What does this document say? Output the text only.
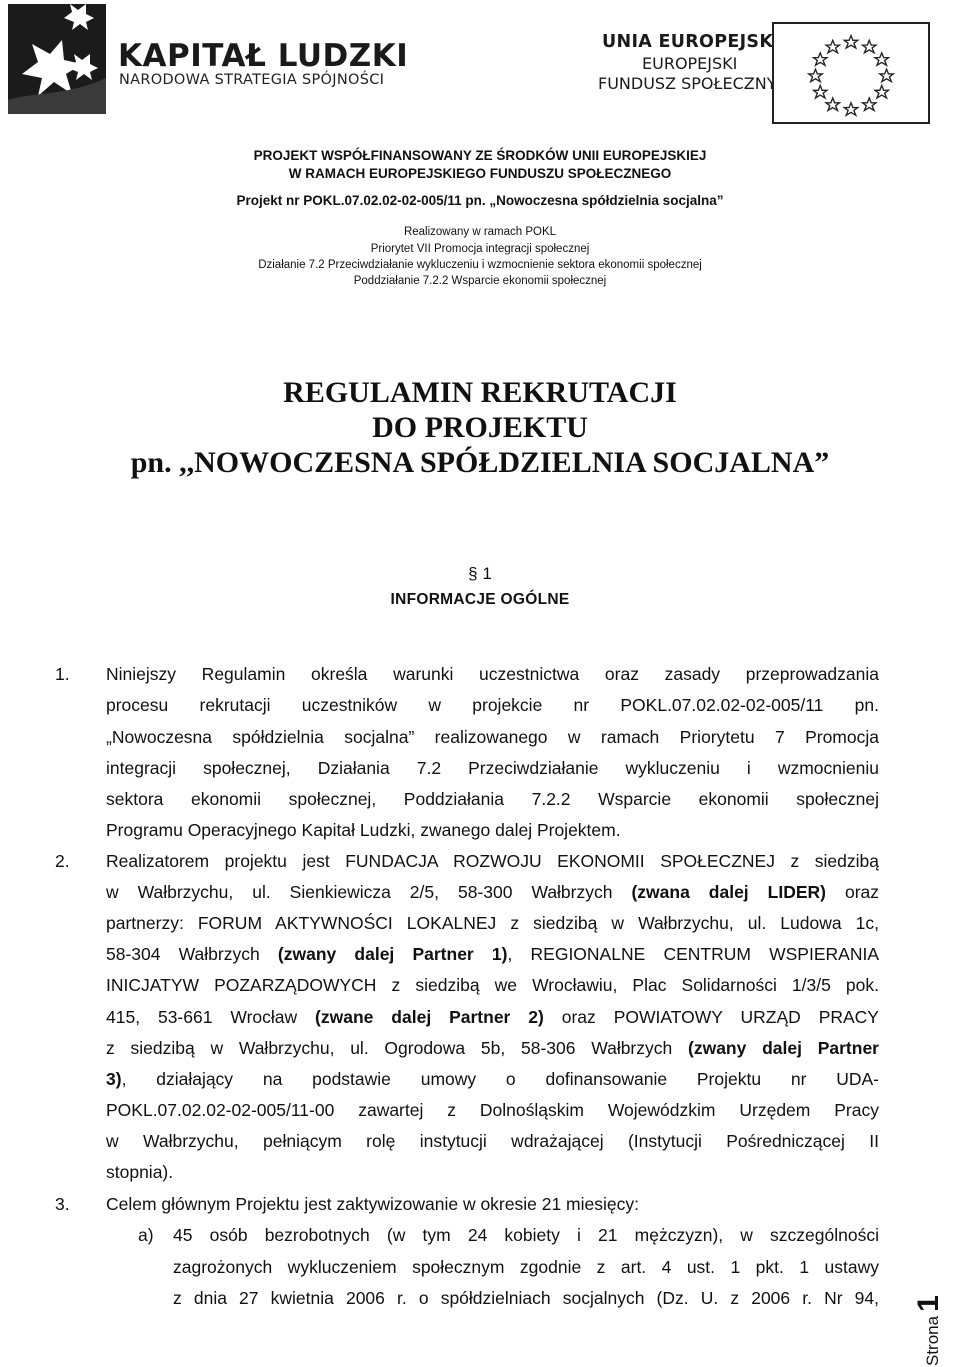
KAPITAŁ LUDZKI
NARODOWA STRATEGIA SPÓJNOŚCI
UNIA EUROPEJSKA
EUROPEJSKI
FUNDUSZ SPOŁECZNY
PROJEKT WSPÓŁFINANSOWANY ZE ŚRODKÓW UNII EUROPEJSKIEJ
W RAMACH EUROPEJSKIEGO FUNDUSZU SPOŁECZNEGO
Projekt nr POKL.07.02.02-02-005/11 pn. „Nowoczesna spółdzielnia socjalna”
Realizowany w ramach POKL
Priorytet VII Promocja integracji społecznej
Działanie 7.2 Przeciwdziałanie wykluczeniu i wzmocnienie sektora ekonomii społecznej
Poddziałanie 7.2.2 Wsparcie ekonomii społecznej
REGULAMIN REKRUTACJI
DO PROJEKTU
pn. ,,NOWOCZESNA SPÓŁDZIELNIA SOCJALNA”
§ 1
INFORMACJE OGÓLNE
1. Niniejszy Regulamin określa warunki uczestnictwa oraz zasady przeprowadzania
procesu rekrutacji uczestników w projekcie nr POKL.07.02.02-02-005/11 pn.
„Nowoczesna spółdzielnia socjalna” realizowanego w ramach Priorytetu 7 Promocja
integracji społecznej, Działania 7.2 Przeciwdziałanie wykluczeniu i wzmocnieniu
sektora ekonomii społecznej, Poddziałania 7.2.2 Wsparcie ekonomii społecznej
Programu Operacyjnego Kapitał Ludzki, zwanego dalej Projektem.
2. Realizatorem projektu jest FUNDACJA ROZWOJU EKONOMII SPOŁECZNEJ z siedzibą
w Wałbrzychu, ul. Sienkiewicza 2/5, 58-300 Wałbrzych (zwana dalej LIDER) oraz
partnerzy: FORUM AKTYWNOŚCI LOKALNEJ z siedzibą w Wałbrzychu, ul. Ludowa 1c,
58-304 Wałbrzych (zwany dalej Partner 1), REGIONALNE CENTRUM WSPIERANIA
INICJATYW POZARZĄDOWYCH z siedzibą we Wrocławiu, Plac Solidarności 1/3/5 pok.
415, 53-661 Wrocław (zwane dalej Partner 2) oraz POWIATOWY URZĄD PRACY
z siedzibą w Wałbrzychu, ul. Ogrodowa 5b, 58-306 Wałbrzych (zwany dalej Partner
3), działający na podstawie umowy o dofinansowanie Projektu nr UDA-
POKL.07.02.02-02-005/11-00 zawartej z Dolnośląskim Wojewódzkim Urzędem Pracy
w Wałbrzychu, pełniącym rolę instytucji wdrażającej (Instytucji Pośredniczącej II
stopnia).
3. Celem głównym Projektu jest zaktywizowanie w okresie 21 miesięcy:
a) 45 osób bezrobotnych (w tym 24 kobiety i 21 mężczyzn), w szczególności
zagrożonych wykluczeniem społecznym zgodnie z art. 4 ust. 1 pkt. 1 ustawy
z dnia 27 kwietnia 2006 r. o spółdzielniach socjalnych (Dz. U. z 2006 r. Nr 94,
Strona1
